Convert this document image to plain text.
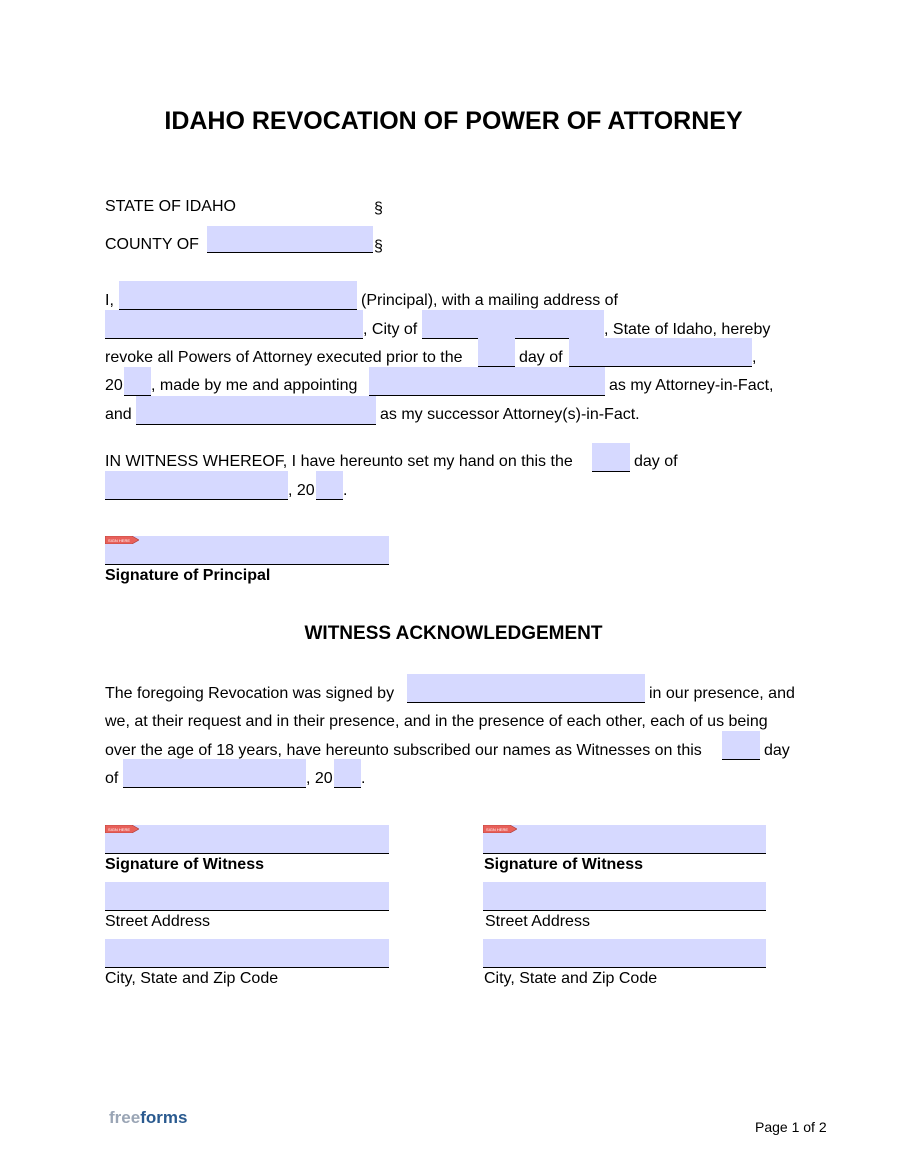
IDAHO REVOCATION OF POWER OF ATTORNEY
STATE OF IDAHO	§
COUNTY OF	§
I,	(Principal), with a mailing address of
, City of	, State of Idaho, hereby
revoke all Powers of Attorney executed prior to the	day of	,
20 , made by me and appointing	as my Attorney-in-Fact,
and	as my successor Attorney(s)-in-Fact.
IN WITNESS WHEREOF, I have hereunto set my hand on this the	day of
, 20 .
SIGN HERE
Signature of Principal
WITNESS ACKNOWLEDGEMENT
The foregoing Revocation was signed by	in our presence, and
we, at their request and in their presence, and in the presence of each other, each of us being
over the age of 18 years, have hereunto subscribed our names as Witnesses on this	day
of	, 20 .
SIGN HERE
Signature of Witness
Street Address
City, State and Zip Code
SIGN HERE
Signature of Witness
Street Address
City, State and Zip Code
freeforms	Page 1 of 2
